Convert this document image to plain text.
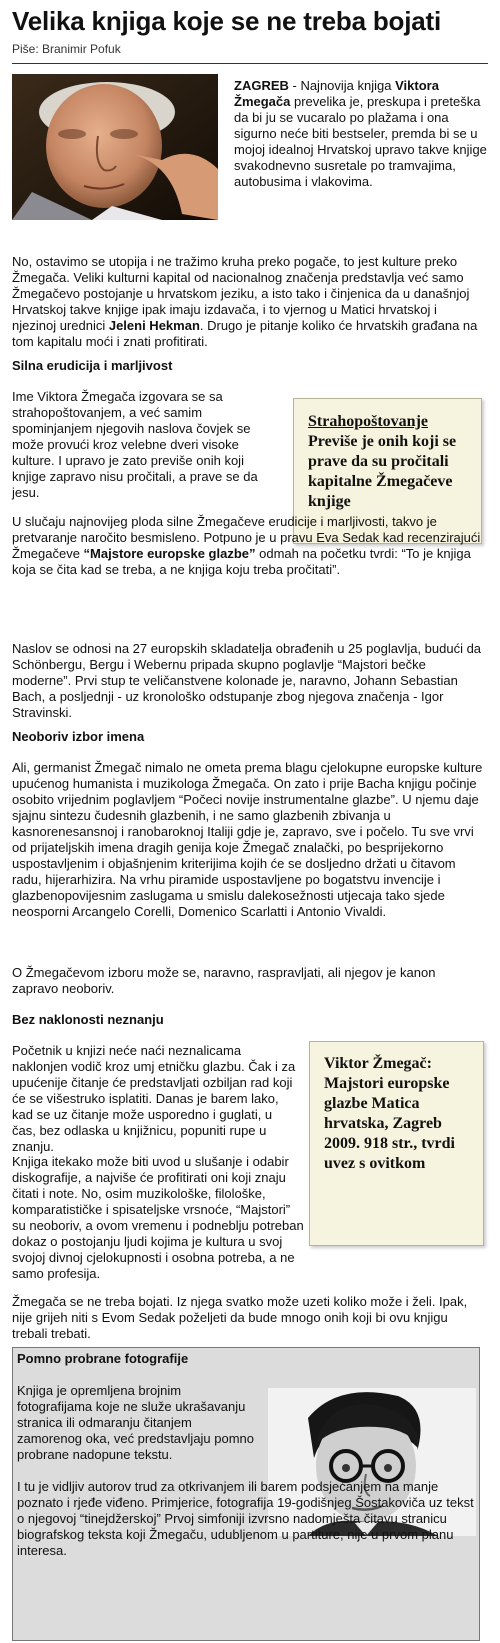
Velika knjiga koje se ne treba bojati
Piše: Branimir Pofuk
ZAGREB - Najnovija knjiga Viktora Žmegača prevelika je, preskupa i preteška da bi ju se vucaralo po plažama i ona sigurno neće biti bestseler, premda bi se u mojoj idealnoj Hrvatskoj upravo takve knjige svakodnevno susretale po tramvajima, autobusima i vlakovima.

No, ostavimo se utopija i ne tražimo kruha preko pogače, to jest kulture preko Žmegača. Veliki kulturni kapital od nacionalnog značenja predstavlja već samo Žmegačevo postojanje u hrvatskom jeziku, a isto tako i činjenica da u današnjoj Hrvatskoj takve knjige ipak imaju izdavača, i to vjernog u Matici hrvatskoj i njezinoj urednici Jeleni Hekman. Drugo je pitanje koliko će hrvatskih građana na tom kapitalu moći i znati profitirati.

Silna erudicija i marljivost

Ime Viktora Žmegača izgovara se sa strahopoštovanjem, a već samim spominjanjem njegovih naslova čovjek se može provući kroz velebne dveri visoke kulture. I upravo je zato previše onih koji knjige zapravo nisu pročitali, a prave se da jesu.

Strahopoštovanje
Previše je onih koji se prave da su pročitali kapitalne Žmegačeve knjige

U slučaju najnovijeg ploda silne Žmegačeve erudicije i marljivosti, takvo je pretvaranje naročito besmisleno. Potpuno je u pravu Eva Sedak kad recenzirajući Žmegačeve “Majstore europske glazbe” odmah na početku tvrdi: “To je knjiga koja se čita kad se treba, a ne knjiga koju treba pročitati”.

Naslov se odnosi na 27 europskih skladatelja obrađenih u 25 poglavlja, budući da Schönbergu, Bergu i Webernu pripada skupno poglavlje “Majstori bečke moderne”. Prvi stup te veličanstvene kolonade je, naravno, Johann Sebastian Bach, a posljednji - uz kronološko odstupanje zbog njegova značenja - Igor Stravinski.

Neoboriv izbor imena

Ali, germanist Žmegač nimalo ne ometa prema blagu cjelokupne europske kulture upućenog humanista i muzikologa Žmegača. On zato i prije Bacha knjigu počinje osobito vrijednim poglavljem “Počeci novije instrumentalne glazbe”. U njemu daje sjajnu sintezu čudesnih glazbenih, i ne samo glazbenih zbivanja u kasnorenesansnoj i ranobaroknoj Italiji gdje je, zapravo, sve i počelo. Tu sve vrvi od prijateljskih imena dragih genija koje Žmegač znalački, po besprijekorno uspostavljenim i objašnjenim kriterijima kojih će se dosljedno držati u čitavom radu, hijerarhizira. Na vrhu piramide uspostavljene po bogatstvu invencije i glazbenopovijesnim zaslugama u smislu dalekosežnosti utjecaja tako sjede neosporni Arcangelo Corelli, Domenico Scarlatti i Antonio Vivaldi.

O Žmegačevom izboru može se, naravno, raspravljati, ali njegov je kanon zapravo neoboriv.

Bez naklonosti neznanju

Početnik u knjizi neće naći neznalicama naklonjen vodič kroz umj etničku glazbu. Čak i za upućenije čitanje će predstavljati ozbiljan rad koji će se višestruko isplatiti. Danas je barem lako, kad se uz čitanje može usporedno i guglati, u čas, bez odlaska u knjižnicu, popuniti rupe u znanju.

Viktor Žmegač: Majstori europske glazbe Matica hrvatska, Zagreb 2009. 918 str., tvrdi uvez s ovitkom

Knjiga itekako može biti uvod u slušanje i odabir diskografije, a najviše će profitirati oni koji znaju čitati i note. No, osim muzikološke, filološke, komparatističke i spisateljske vrsnoće, “Majstori” su neoboriv, a ovom vremenu i podneblju potreban dokaz o postojanju ljudi kojima je kultura u svoj svojoj divnoj cjelokupnosti i osobna potreba, a ne samo profesija.

Žmegača se ne treba bojati. Iz njega svatko može uzeti koliko može i želi. Ipak, nije grijeh niti s Evom Sedak poželjeti da bude mnogo onih koji bi ovu knjigu trebali trebati.

Pomno probrane fotografije

Knjiga je opremljena brojnim fotografijama koje ne služe ukrašavanju stranica ili odmaranju čitanjem zamorenog oka, već predstavljaju pomno probrane nadopune tekstu.

I tu je vidljiv autorov trud za otkrivanjem ili barem podsjećanjem na manje poznato i rjeđe viđeno. Primjerice, fotografija 19-godišnjeg Šostakoviča uz tekst o njegovoj “tinejdžerskoj” Prvoj simfoniji izvrsno nadomješta čitavu stranicu biografskog teksta koji Žmegaču, udubljenom u partiture, nije u prvom planu interesa.
